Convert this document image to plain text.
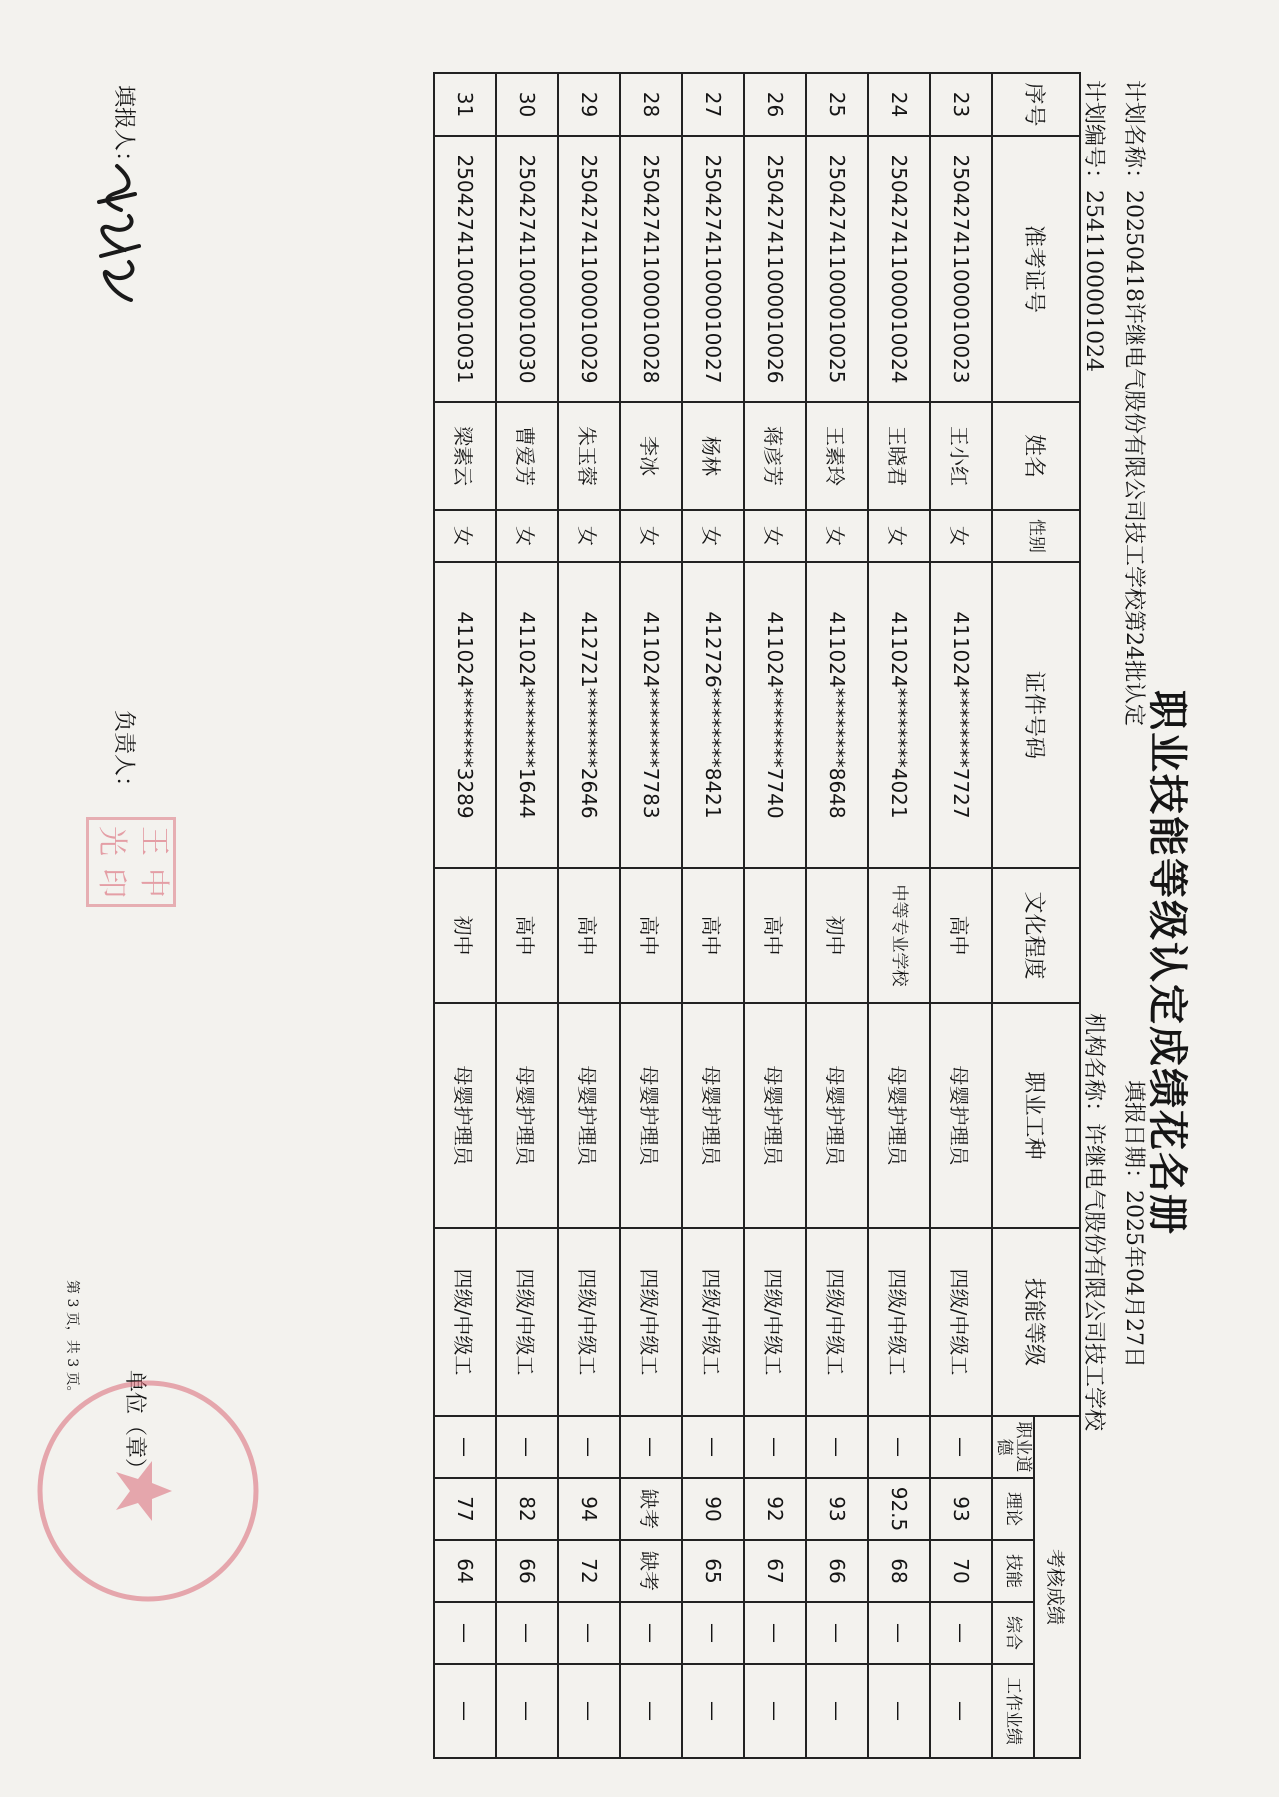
职业技能等级认定成绩花名册
计划名称：20250418许继电气股份有限公司技工学校第24批认定
填报日期：2025年04月27日
计划编号：2541100001024
机构名称：许继电气股份有限公司技工学校
序号	准考证号	姓名	性别	证件号码	文化程度	职业工种	技能等级	考核成绩				
								职业道德	理论	技能	综合	工作业绩
23	250427411000010023	王小红	女	411024********7727	高中	母婴护理员	四级/中级工	—	93	70	—	—
24	250427411000010024	王晓君	女	411024********4021	中等专业学校	母婴护理员	四级/中级工	—	92.5	68	—	—
25	250427411000010025	王素玲	女	411024********8648	初中	母婴护理员	四级/中级工	—	93	66	—	—
26	250427411000010026	蒋彦芳	女	411024********7740	高中	母婴护理员	四级/中级工	—	92	67	—	—
27	250427411000010027	杨林	女	412726********8421	高中	母婴护理员	四级/中级工	—	90	65	—	—
28	250427411000010028	李冰	女	411024********7783	高中	母婴护理员	四级/中级工	—	缺考	缺考	—	—
29	250427411000010029	朱玉蓉	女	412721********2646	高中	母婴护理员	四级/中级工	—	94	72	—	—
30	250427411000010030	曹爱芳	女	411024********1644	高中	母婴护理员	四级/中级工	—	82	66	—	—
31	250427411000010031	梁素云	女	411024********3289	初中	母婴护理员	四级/中级工	—	77	64	—	—
填报人：
负责人：
王
中
光
印
单位（章）
第 3 页，共 3 页。
